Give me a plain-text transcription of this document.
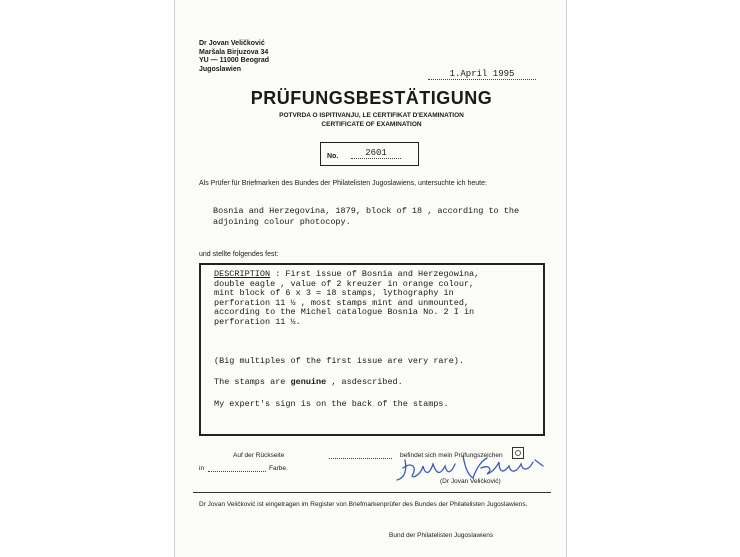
Dr Jovan Veličković
Maršala Birjuzova 34
YU — 11000 Beograd
Jugoslawien	1.April 1995
PRÜFUNGSBESTÄTIGUNG
POTVRDA O ISPITIVANJU, LE CERTIFIKAT D'EXAMINATION
CERTIFICATE OF EXAMINATION
No.	2601
Als Prüfer für Briefmarken des Bundes der Philatelisten Jugoslawiens, untersuchte ich heute:
Bosnia and Herzegovina, 1879, block of 18 , according to the adjoining colour photocopy.
und stellte folgendes fest:
DESCRIPTION : First issue of Bosnia and Herzegowina,
double eagle , value of 2 kreuzer in orange colour,
mint block of 6 x 3 = 18 stamps, lythography in
perforation 11 ½ , most stamps mint and unmounted,
according to the Michel catalogue Bosnia No. 2 I in
perforation 11 ½.
(Big multiples of the first issue are very rare).
The stamps are genuine , asdescribed.
My expert's sign is on the back of the stamps.
Auf der Rückseite	befindet sich mein Prüfungszeichen
in	Farbe.
(Dr Jovan Veličković)
Dr Jovan Veličković ist eingetragen im Register von Briefmarkenprüfer des Bundes der Philatelisten Jugoslawiens.
Bund der Philatelisten Jugoslawiens
